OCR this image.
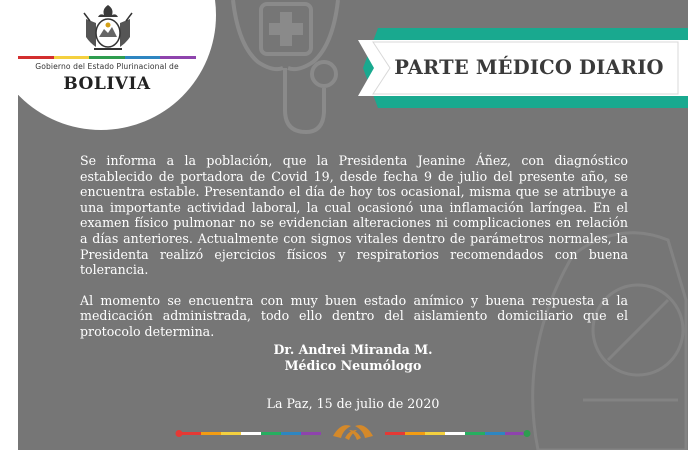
Gobierno del Estado Plurinacional de
BOLIVIA
PARTE MÉDICO DIARIO

Se informa a la población, que la Presidenta Jeanine Áñez, con diagnóstico establecido de portadora de Covid 19, desde fecha 9 de julio del presente año, se encuentra estable. Presentando el día de hoy tos ocasional, misma que se atribuye a una importante actividad laboral, la cual ocasionó una inflamación laríngea. En el examen físico pulmonar no se evidencian alteraciones ni complicaciones en relación a días anteriores. Actualmente con signos vitales dentro de parámetros normales, la Presidenta realizó ejercicios físicos y respiratorios recomendados con buena tolerancia.

Al momento se encuentra con muy buen estado anímico y buena respuesta a la medicación administrada, todo ello dentro del aislamiento domiciliario que el protocolo determina.

Dr. Andrei Miranda M.
Médico Neumólogo
La Paz, 15 de julio de 2020
